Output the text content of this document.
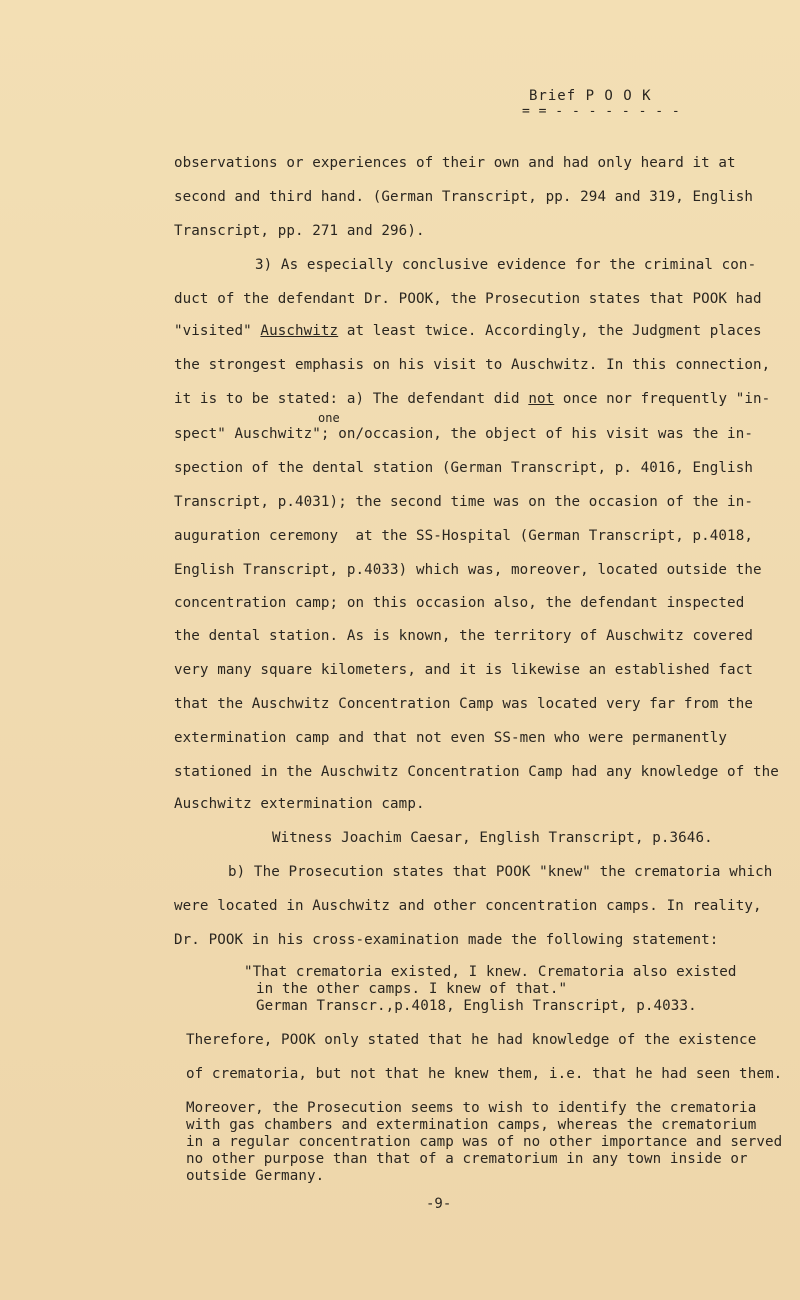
Brief P O O K
= = - - - - - - - -
observations or experiences of their own and had only heard it at
second and third hand. (German Transcript, pp. 294 and 319, English
Transcript, pp. 271 and 296).
3) As especially conclusive evidence for the criminal con-
duct of the defendant Dr. POOK, the Prosecution states that POOK had
"visited" Auschwitz at least twice. Accordingly, the Judgment places
the strongest emphasis on his visit to Auschwitz. In this connection,
it is to be stated: a) The defendant did not once nor frequently "in-
one
spect" Auschwitz"; on/occasion, the object of his visit was the in-
spection of the dental station (German Transcript, p. 4016, English
Transcript, p.4031); the second time was on the occasion of the in-
auguration ceremony  at the SS-Hospital (German Transcript, p.4018,
English Transcript, p.4033) which was, moreover, located outside the
concentration camp; on this occasion also, the defendant inspected
the dental station. As is known, the territory of Auschwitz covered
very many square kilometers, and it is likewise an established fact
that the Auschwitz Concentration Camp was located very far from the
extermination camp and that not even SS-men who were permanently
stationed in the Auschwitz Concentration Camp had any knowledge of the
Auschwitz extermination camp.
Witness Joachim Caesar, English Transcript, p.3646.
b) The Prosecution states that POOK "knew" the crematoria which
were located in Auschwitz and other concentration camps. In reality,
Dr. POOK in his cross-examination made the following statement:
"That crematoria existed, I knew. Crematoria also existed
in the other camps. I knew of that."
German Transcr.,p.4018, English Transcript, p.4033.
Therefore, POOK only stated that he had knowledge of the existence
of crematoria, but not that he knew them, i.e. that he had seen them.
Moreover, the Prosecution seems to wish to identify the crematoria
with gas chambers and extermination camps, whereas the crematorium
in a regular concentration camp was of no other importance and served
no other purpose than that of a crematorium in any town inside or
outside Germany.
-9-
